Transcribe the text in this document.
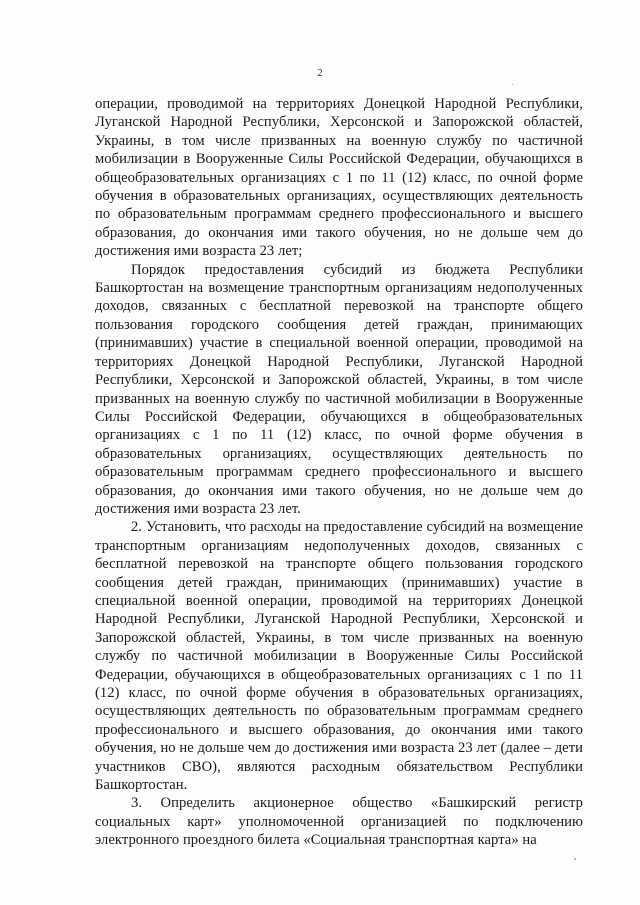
2

операции, проводимой на территориях Донецкой Народной Республики, Луганской Народной Республики, Херсонской и Запорожской областей, Украины, в том числе призванных на военную службу по частичной мобилизации в Вооруженные Силы Российской Федерации, обучающихся в общеобразовательных организациях с 1 по 11 (12) класс, по очной форме обучения в образовательных организациях, осуществляющих деятельность по образовательным программам среднего профессионального и высшего образования, до окончания ими такого обучения, но не дольше чем до достижения ими возраста 23 лет;

Порядок предоставления субсидий из бюджета Республики Башкортостан на возмещение транспортным организациям недополученных доходов, связанных с бесплатной перевозкой на транспорте общего пользования городского сообщения детей граждан, принимающих (принимавших) участие в специальной военной операции, проводимой на территориях Донецкой Народной Республики, Луганской Народной Республики, Херсонской и Запорожской областей, Украины, в том числе призванных на военную службу по частичной мобилизации в Вооруженные Силы Российской Федерации, обучающихся в общеобразовательных организациях с 1 по 11 (12) класс, по очной форме обучения в образовательных организациях, осуществляющих деятельность по образовательным программам среднего профессионального и высшего образования, до окончания ими такого обучения, но не дольше чем до достижения ими возраста 23 лет.

2. Установить, что расходы на предоставление субсидий на возмещение транспортным организациям недополученных доходов, связанных с бесплатной перевозкой на транспорте общего пользования городского сообщения детей граждан, принимающих (принимавших) участие в специальной военной операции, проводимой на территориях Донецкой Народной Республики, Луганской Народной Республики, Херсонской и Запорожской областей, Украины, в том числе призванных на военную службу по частичной мобилизации в Вооруженные Силы Российской Федерации, обучающихся в общеобразовательных организациях с 1 по 11 (12) класс, по очной форме обучения в образовательных организациях, осуществляющих деятельность по образовательным программам среднего профессионального и высшего образования, до окончания ими такого обучения, но не дольше чем до достижения ими возраста 23 лет (далее – дети участников СВО), являются расходным обязательством Республики Башкортостан.

3. Определить акционерное общество «Башкирский регистр социальных карт» уполномоченной организацией по подключению электронного проездного билета «Социальная транспортная карта» на
